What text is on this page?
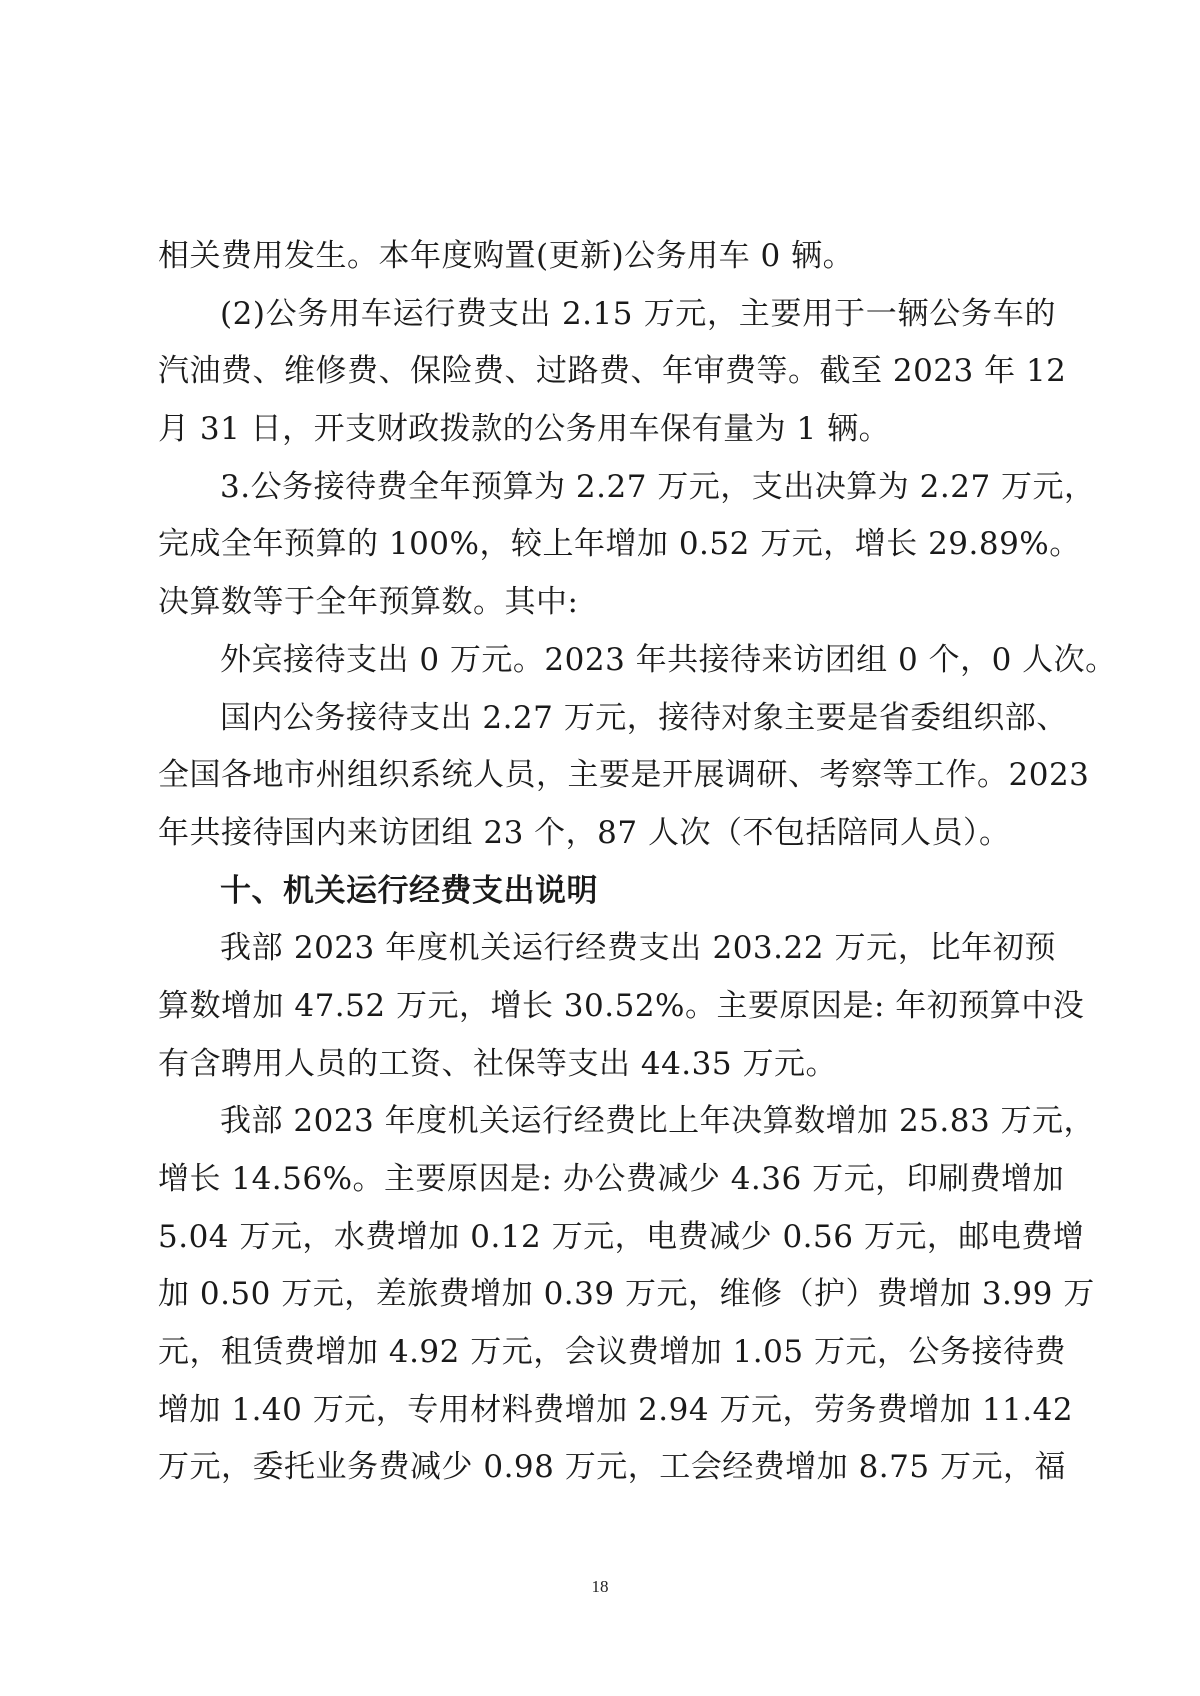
相关费用发生。本年度购置(更新)公务用车 0 辆。
(2)公务用车运行费支出 2.15 万元，主要用于一辆公务车的
汽油费、维修费、保险费、过路费、年审费等。截至 2023 年 12
月 31 日，开支财政拨款的公务用车保有量为 1 辆。
3.公务接待费全年预算为 2.27 万元，支出决算为 2.27 万元，
完成全年预算的 100%，较上年增加 0.52 万元，增长 29.89%。
决算数等于全年预算数。其中:
外宾接待支出 0 万元。2023 年共接待来访团组 0 个，0 人次。
国内公务接待支出 2.27 万元，接待对象主要是省委组织部、
全国各地市州组织系统人员，主要是开展调研、考察等工作。2023
年共接待国内来访团组 23 个，87 人次（不包括陪同人员）。
十、机关运行经费支出说明
我部 2023 年度机关运行经费支出 203.22 万元，比年初预
算数增加 47.52 万元，增长 30.52%。主要原因是: 年初预算中没
有含聘用人员的工资、社保等支出 44.35 万元。
我部 2023 年度机关运行经费比上年决算数增加 25.83 万元，
增长 14.56%。主要原因是: 办公费减少 4.36 万元，印刷费增加
5.04 万元，水费增加 0.12 万元，电费减少 0.56 万元，邮电费增
加 0.50 万元，差旅费增加 0.39 万元，维修（护）费增加 3.99 万
元，租赁费增加 4.92 万元，会议费增加 1.05 万元，公务接待费
增加 1.40 万元，专用材料费增加 2.94 万元，劳务费增加 11.42
万元，委托业务费减少 0.98 万元，工会经费增加 8.75 万元，福
18
